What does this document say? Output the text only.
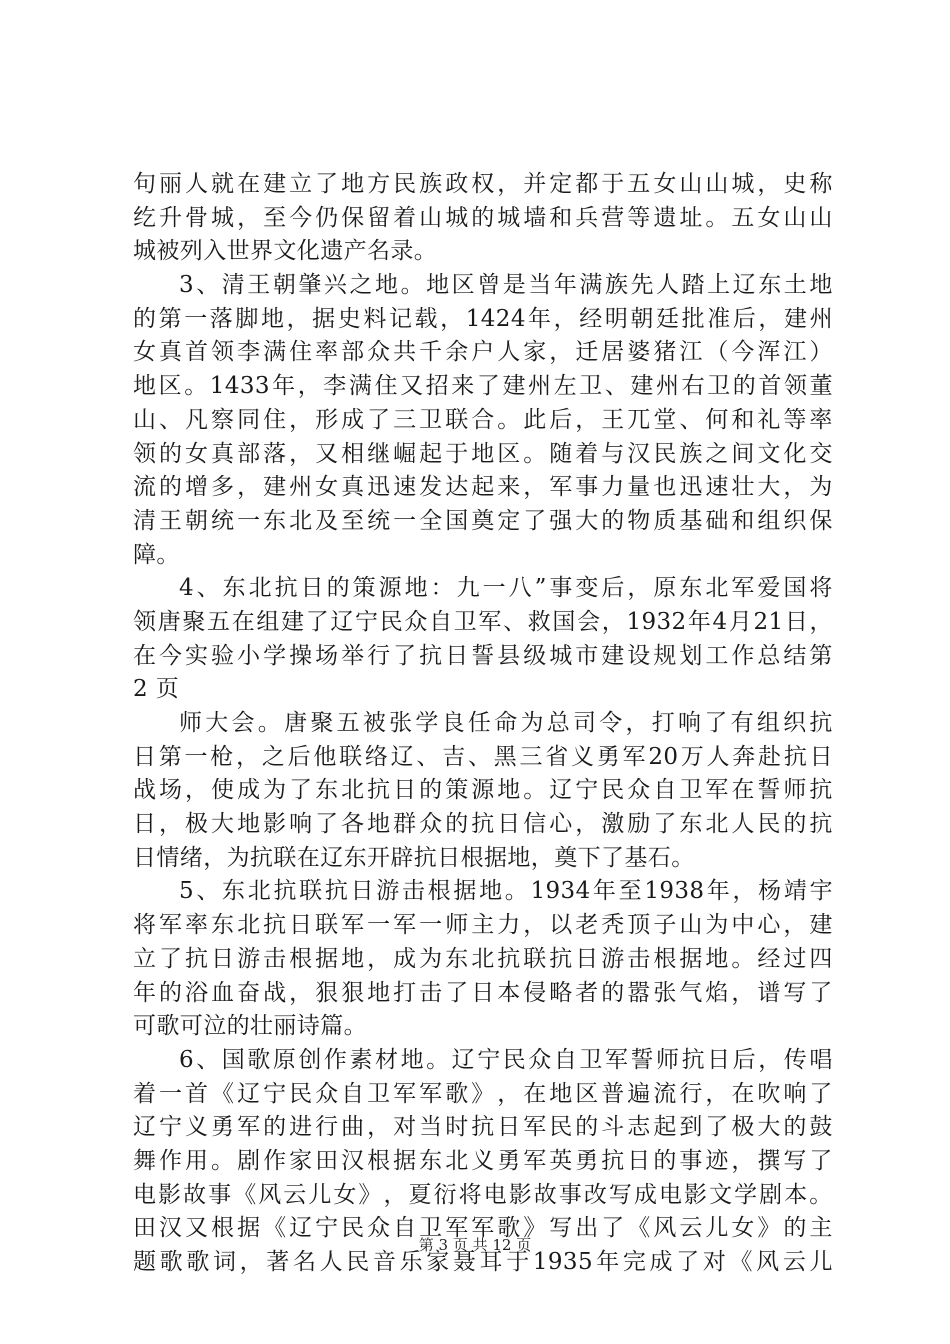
句 丽 人 就 在 建 立 了 地 方 民 族 政 权 ， 并 定 都 于 五 女 山 山 城 ， 史 称
纥 升 骨 城 ， 至 今 仍 保 留 着 山 城 的 城 墙 和 兵 营 等 遗 址 。 五 女 山 山
城被列入世界文化遗产名录。
3 、 清 王 朝 肇 兴 之 地 。 地 区 曾 是 当 年 满 族 先 人 踏 上 辽 东 土 地
的 第 一 落 脚 地 ， 据 史 料 记 载 ， 1424 年 ， 经 明 朝 廷 批 准 后 ， 建 州
女 真 首 领 李 满 住 率 部 众 共 千 余 户 人 家 ， 迁 居 婆 猪 江 （ 今 浑 江 ）
地 区 。 1433 年 ， 李 满 住 又 招 来 了 建 州 左 卫 、 建 州 右 卫 的 首 领 董
山 、 凡 察 同 住 ， 形 成 了 三 卫 联 合 。 此 后 ， 王 兀 堂 、 何 和 礼 等 率
领 的 女 真 部 落 ， 又 相 继 崛 起 于 地 区 。 随 着 与 汉 民 族 之 间 文 化 交
流 的 增 多 ， 建 州 女 真 迅 速 发 达 起 来 ， 军 事 力 量 也 迅 速 壮 大 ， 为
清 王 朝 统 一 东 北 及 至 统 一 全 国 奠 定 了 强 大 的 物 质 基 础 和 组 织 保
障。
4 、 东 北 抗 日 的 策 源 地 ： 九 一 八 ” 事 变 后 ， 原 东 北 军 爱 国 将
领 唐 聚 五 在 组 建 了 辽 宁 民 众 自 卫 军 、 救 国 会 ， 1932 年 4 月 21 日 ，
在 今 实 验 小 学 操 场 举 行 了 抗 日 誓 县 级 城 市 建 设 规 划 工 作 总 结 第
2 页
师 大 会 。 唐 聚 五 被 张 学 良 任 命 为 总 司 令 ， 打 响 了 有 组 织 抗
日 第 一 枪 ， 之 后 他 联 络 辽 、 吉 、 黑 三 省 义 勇 军 20 万 人 奔 赴 抗 日
战 场 ， 使 成 为 了 东 北 抗 日 的 策 源 地 。 辽 宁 民 众 自 卫 军 在 誓 师 抗
日 ， 极 大 地 影 响 了 各 地 群 众 的 抗 日 信 心 ， 激 励 了 东 北 人 民 的 抗
日情绪，为抗联在辽东开辟抗日根据地，奠下了基石。
5 、 东 北 抗 联 抗 日 游 击 根 据 地 。 1934 年 至 1938 年 ， 杨 靖 宇
将 军 率 东 北 抗 日 联 军 一 军 一 师 主 力 ， 以 老 秃 顶 子 山 为 中 心 ， 建
立 了 抗 日 游 击 根 据 地 ， 成 为 东 北 抗 联 抗 日 游 击 根 据 地 。 经 过 四
年 的 浴 血 奋 战 ， 狠 狠 地 打 击 了 日 本 侵 略 者 的 嚣 张 气 焰 ， 谱 写 了
可歌可泣的壮丽诗篇。
6 、 国 歌 原 创 作 素 材 地 。 辽 宁 民 众 自 卫 军 誓 师 抗 日 后 ， 传 唱
着 一 首 《 辽 宁 民 众 自 卫 军 军 歌 》 ， 在 地 区 普 遍 流 行 ， 在 吹 响 了
辽 宁 义 勇 军 的 进 行 曲 ， 对 当 时 抗 日 军 民 的 斗 志 起 到 了 极 大 的 鼓
舞 作 用 。 剧 作 家 田 汉 根 据 东 北 义 勇 军 英 勇 抗 日 的 事 迹 ， 撰 写 了
电 影 故 事 《 风 云 儿 女 》 ， 夏 衍 将 电 影 故 事 改 写 成 电 影 文 学 剧 本 。
田 汉 又 根 据 《 辽 宁 民 众 自 卫 军 军 歌 》 写 出 了 《 风 云 儿 女 》 的 主
题 歌 歌 词 ， 著 名 人 民 音 乐 家 聂 耳 于 1935 年 完 成 了 对 《 风 云 儿
第 3 页 共 12 页
